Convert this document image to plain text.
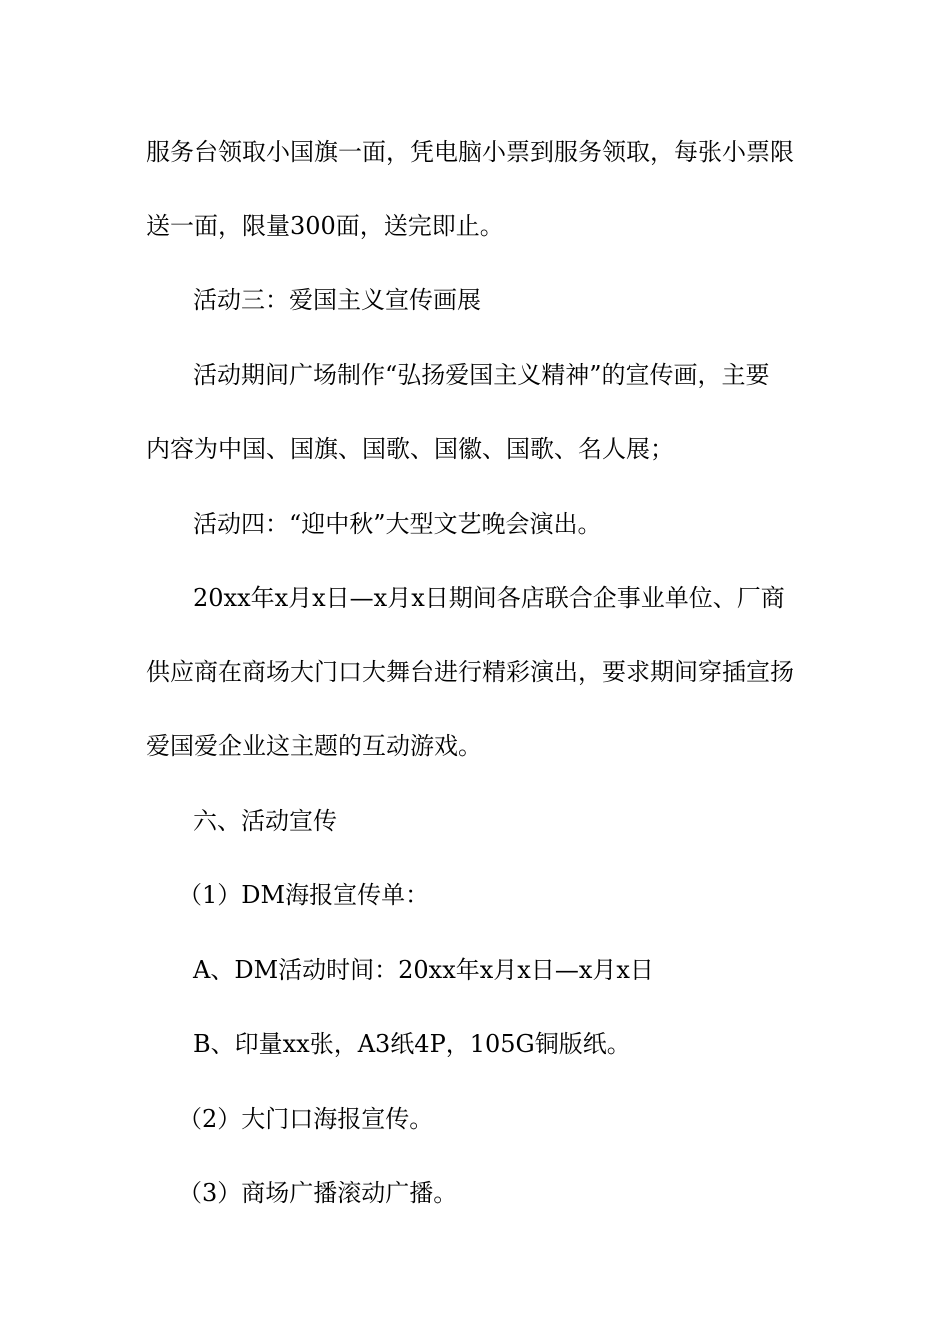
服务台领取小国旗一面，凭电脑小票到服务领取，每张小票限
送一面，限量300面，送完即止。
活动三：爱国主义宣传画展
活动期间广场制作“弘扬爱国主义精神”的宣传画，主要
内容为中国、国旗、国歌、国徽、国歌、名人展；
活动四：“迎中秋”大型文艺晚会演出。
20xx年x月x日—x月x日期间各店联合企事业单位、厂商
供应商在商场大门口大舞台进行精彩演出，要求期间穿插宣扬
爱国爱企业这主题的互动游戏。
六、活动宣传
（1）DM海报宣传单：
A、DM活动时间：20xx年x月x日—x月x日
B、印量xx张，A3纸4P，105G铜版纸。
（2）大门口海报宣传。
（3）商场广播滚动广播。
